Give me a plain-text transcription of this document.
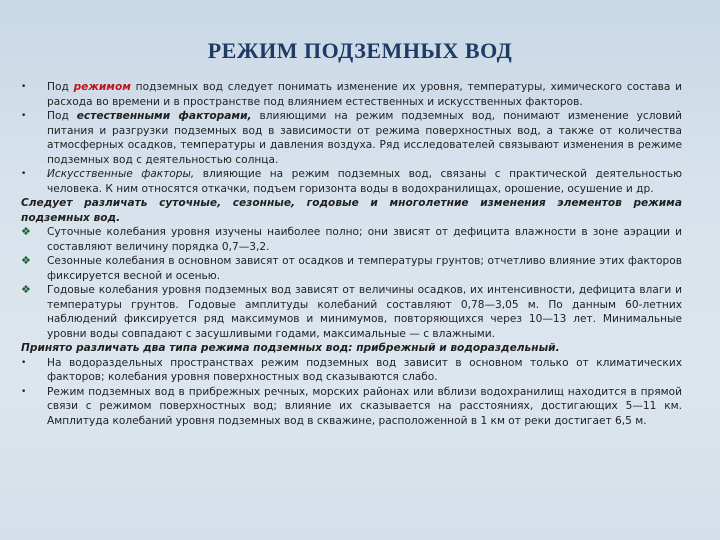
РЕЖИМ ПОДЗЕМНЫХ ВОД
•	Под режимом подземных вод следует понимать изменение их уровня, температуры, химического состава и расхода во времени и в пространстве под влиянием естественных и искусственных факторов.
•	Под естественными факторами, влияющими на режим подземных вод, понимают изменение условий питания и разгрузки подземных вод в зависимости от режима поверхностных вод, а также от количества атмосферных осадков, температуры и давления воздуха. Ряд исследователей связывают изменения в режиме подземных вод с деятельностью солнца.
•	Искусственные факторы, влияющие на режим подземных вод, связаны с практической деятельностью человека. К ним относятся откачки, подъем горизонта воды в водохранилищах, орошение, осушение и др.
Следует различать суточные, сезонные, годовые и многолетние изменения элементов режима подземных вод.
❖	Суточные колебания уровня изучены наиболее полно; они звисят от дефицита влажности в зоне аэрации и составляют величину порядка 0,7—3,2.
❖	Сезонные колебания в основном зависят от осадков и температуры грунтов; отчетливо влияние этих факторов фиксируется весной и осенью.
❖	Годовые колебания уровня подземных вод зависят от величины осадков, их интенсивности, дефицита влаги и температуры грунтов. Годовые амплитуды колебаний составляют 0,78—3,05 м. По данным 60-летних наблюдений фиксируется ряд максимумов и минимумов, повторяющихся через 10—13 лет. Минимальные уровни воды совпадают с засушливыми годами, максимальные — с влажными.
Принято различать два типа режима подземных вод: прибрежный и водораздельный.
•	На водораздельных пространствах режим подземных вод зависит в основном только от климатических факторов; колебания уровня поверхностных вод сказываются слабо.
•	Режим подземных вод в прибрежных речных, морских районах или вблизи водохранилищ находится в прямой связи с режимом поверхностных вод; влияние их сказывается на расстояниях, достигающих 5—11 км. Амплитуда колебаний уровня подземных вод в скважине, расположенной в 1 км от реки достигает 6,5 м.
